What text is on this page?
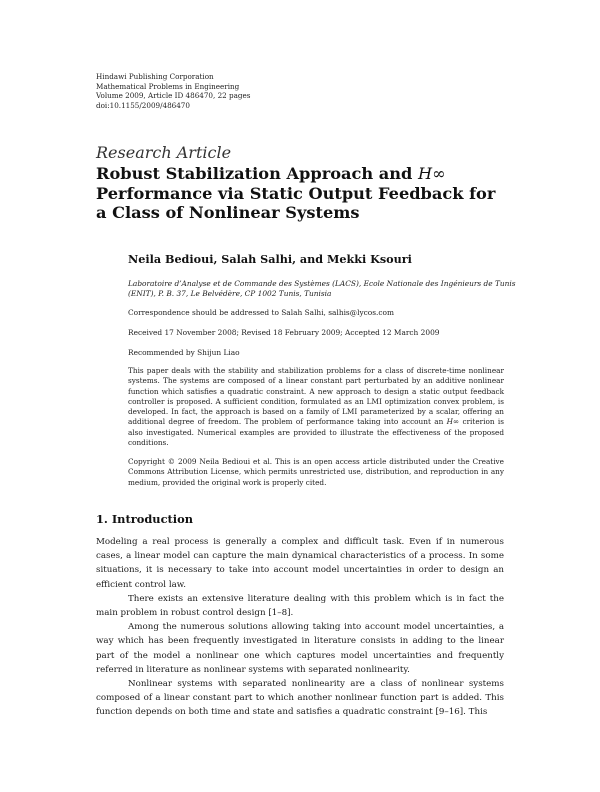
Hindawi Publishing Corporation
Mathematical Problems in Engineering
Volume 2009, Article ID 486470, 22 pages
doi:10.1155/2009/486470
Research Article
Robust Stabilization Approach and H∞
Performance via Static Output Feedback for
a Class of Nonlinear Systems
Neila Bedioui, Salah Salhi, and Mekki Ksouri
Laboratoire d’Analyse et de Commande des Systèmes (LACS), Ecole Nationale des Ingénieurs de Tunis (ENIT), P. B. 37, Le Belvédère, CP 1002 Tunis, Tunisia
Correspondence should be addressed to Salah Salhi, salhis@lycos.com
Received 17 November 2008; Revised 18 February 2009; Accepted 12 March 2009
Recommended by Shijun Liao
This paper deals with the stability and stabilization problems for a class of discrete-time nonlinear systems. The systems are composed of a linear constant part perturbated by an additive nonlinear function which satisfies a quadratic constraint. A new approach to design a static output feedback controller is proposed. A sufficient condition, formulated as an LMI optimization convex problem, is developed. In fact, the approach is based on a family of LMI parameterized by a scalar, offering an additional degree of freedom. The problem of performance taking into account an H∞ criterion is also investigated. Numerical examples are provided to illustrate the effectiveness of the proposed conditions.
Copyright © 2009 Neila Bedioui et al. This is an open access article distributed under the Creative Commons Attribution License, which permits unrestricted use, distribution, and reproduction in any medium, provided the original work is properly cited.
1. Introduction

Modeling a real process is generally a complex and difficult task. Even if in numerous cases, a linear model can capture the main dynamical characteristics of a process. In some situations, it is necessary to take into account model uncertainties in order to design an efficient control law.

There exists an extensive literature dealing with this problem which is in fact the main problem in robust control design [1–8].

Among the numerous solutions allowing taking into account model uncertainties, a way which has been frequently investigated in literature consists in adding to the linear part of the model a nonlinear one which captures model uncertainties and frequently referred in literature as nonlinear systems with separated nonlinearity.

Nonlinear systems with separated nonlinearity are a class of nonlinear systems composed of a linear constant part to which another nonlinear function part is added. This function depends on both time and state and satisfies a quadratic constraint [9–16]. This
